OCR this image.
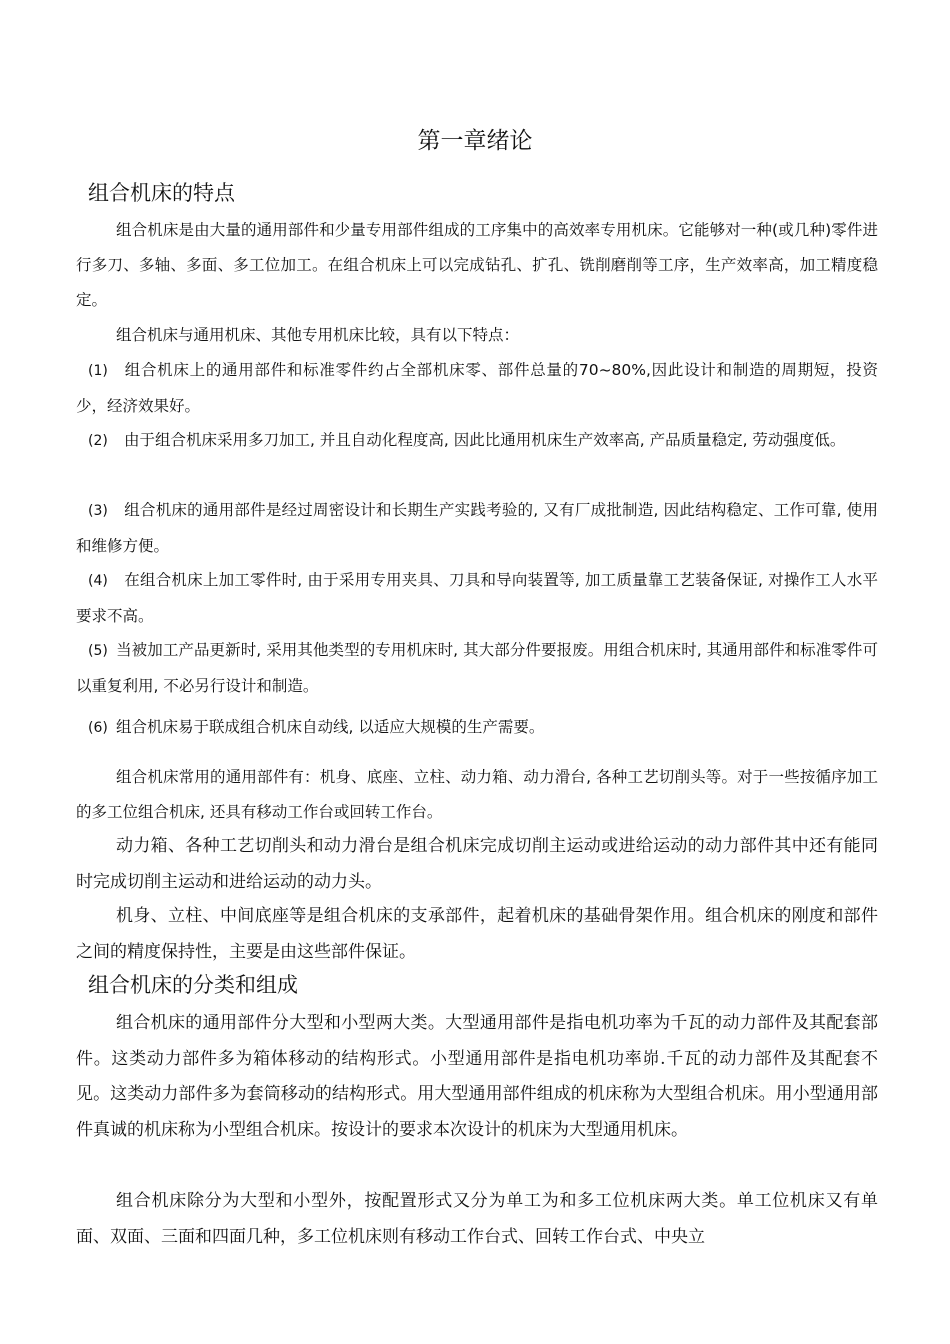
第一章绪论
组合机床的特点

组合机床是由大量的通用部件和少量专用部件组成的工序集中的高效率专用机床。它能够对一种(或几种)零件进行多刀、多轴、多面、多工位加工。在组合机床上可以完成钻孔、扩孔、铣削磨削等工序，生产效率高，加工精度稳定。

组合机床与通用机床、其他专用机床比较，具有以下特点：

(1) 组合机床上的通用部件和标准零件约占全部机床零、部件总量的70~80%,因此设计和制造的周期短，投资少，经济效果好。
(2) 由于组合机床采用多刀加工, 并且自动化程度高, 因此比通用机床生产效率高, 产品质量稳定, 劳动强度低。
(3) 组合机床的通用部件是经过周密设计和长期生产实践考验的, 又有厂成批制造, 因此结构稳定、工作可靠, 使用和维修方便。
(4) 在组合机床上加工零件时, 由于采用专用夹具、刀具和导向装置等, 加工质量靠工艺装备保证, 对操作工人水平要求不高。
(5) 当被加工产品更新时, 采用其他类型的专用机床时, 其大部分件要报废。用组合机床时, 其通用部件和标准零件可以重复利用, 不必另行设计和制造。
(6) 组合机床易于联成组合机床自动线, 以适应大规模的生产需要。

组合机床常用的通用部件有：机身、底座、立柱、动力箱、动力滑台, 各种工艺切削头等。对于一些按循序加工的多工位组合机床, 还具有移动工作台或回转工作台。

动力箱、各种工艺切削头和动力滑台是组合机床完成切削主运动或进给运动的动力部件其中还有能同时完成切削主运动和进给运动的动力头。

机身、立柱、中间底座等是组合机床的支承部件，起着机床的基础骨架作用。组合机床的刚度和部件之间的精度保持性，主要是由这些部件保证。

组合机床的分类和组成

组合机床的通用部件分大型和小型两大类。大型通用部件是指电机功率为千瓦的动力部件及其配套部件。这类动力部件多为箱体移动的结构形式。小型通用部件是指电机功率峁.千瓦的动力部件及其配套不见。这类动力部件多为套筒移动的结构形式。用大型通用部件组成的机床称为大型组合机床。用小型通用部件真诚的机床称为小型组合机床。按设计的要求本次设计的机床为大型通用机床。

组合机床除分为大型和小型外，按配置形式又分为单工为和多工位机床两大类。单工位机床又有单面、双面、三面和四面几种，多工位机床则有移动工作台式、回转工作台式、中央立
